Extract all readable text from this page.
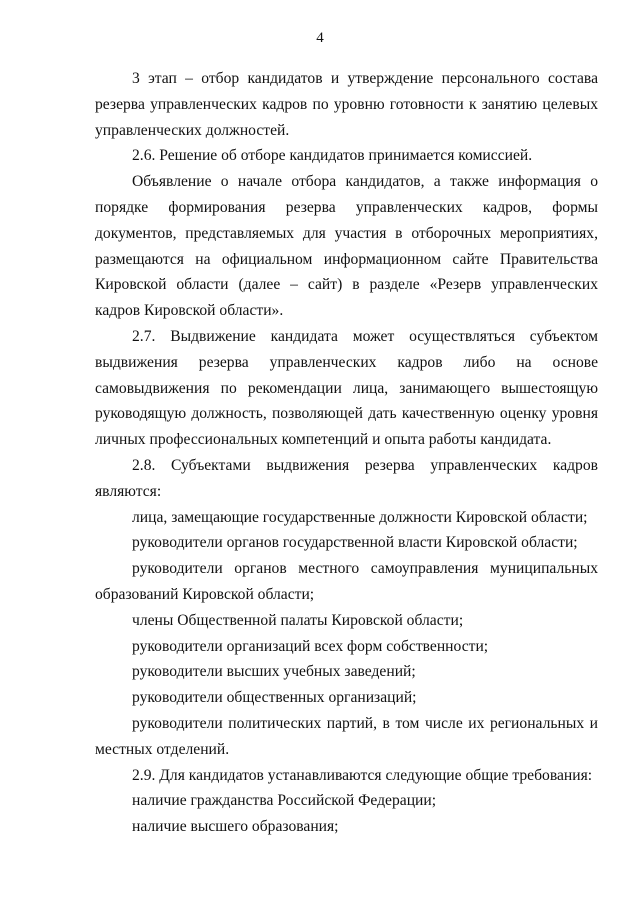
4

3 этап – отбор кандидатов и утверждение персонального состава резерва управленческих кадров по уровню готовности к занятию целевых управленческих должностей.

2.6. Решение об отборе кандидатов принимается комиссией.

Объявление о начале отбора кандидатов, а также информация о порядке формирования резерва управленческих кадров, формы документов, представляемых для участия в отборочных мероприятиях, размещаются на официальном информационном сайте Правительства Кировской области (далее – сайт) в разделе «Резерв управленческих кадров Кировской области».

2.7. Выдвижение кандидата может осуществляться субъектом выдвижения резерва управленческих кадров либо на основе самовыдвижения по рекомендации лица, занимающего вышестоящую руководящую должность, позволяющей дать качественную оценку уровня личных профессиональных компетенций и опыта работы кандидата.

2.8. Субъектами выдвижения резерва управленческих кадров являются:

лица, замещающие государственные должности Кировской области;

руководители органов государственной власти Кировской области;

руководители органов местного самоуправления муниципальных образований Кировской области;

члены Общественной палаты Кировской области;

руководители организаций всех форм собственности;

руководители высших учебных заведений;

руководители общественных организаций;

руководители политических партий, в том числе их региональных и местных отделений.

2.9. Для кандидатов устанавливаются следующие общие требования:

наличие гражданства Российской Федерации;

наличие высшего образования;
